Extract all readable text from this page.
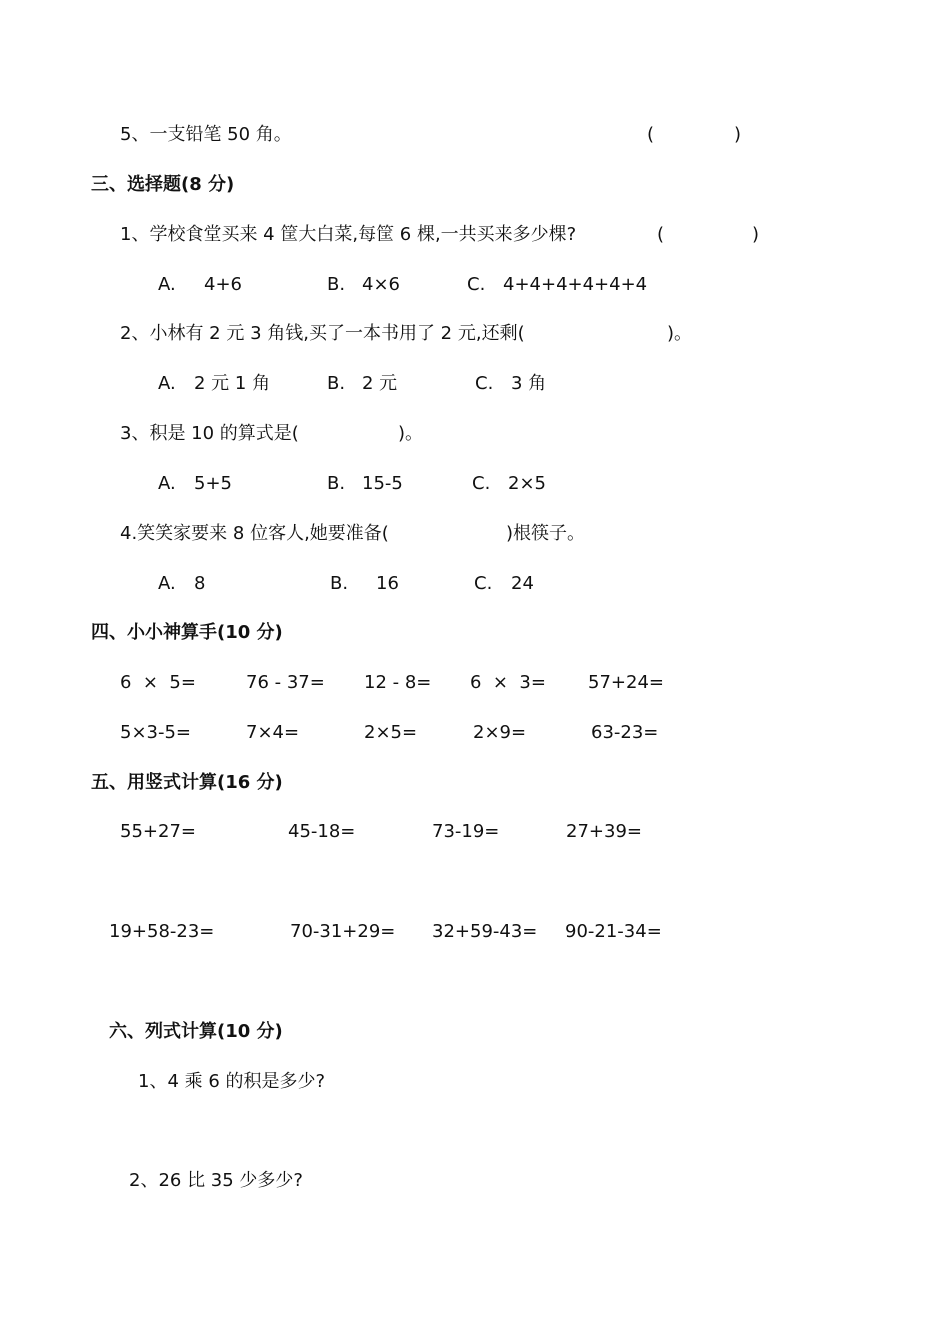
5、一支铅笔 50 角。	(	)
三、选择题(8 分)
1、学校食堂买来 4 筐大白菜,每筐 6 棵,一共买来多少棵?	(	)
A. 4+6	B. 4×6	C. 4+4+4+4+4+4
2、小林有 2 元 3 角钱,买了一本书用了 2 元,还剩(	)。
A. 2 元 1 角	B. 2 元	C. 3 角
3、积是 10 的算式是(	)。
A. 5+5	B. 15-5	C. 2×5
4.笑笑家要来 8 位客人,她要准备(	)根筷子。
A. 8	B. 16	C. 24
四、小小神算手(10 分)
6  ×  5=	76 - 37= 12 - 8= 6  ×  3= 57+24=
5×3-5=	7×4=	2×5=	2×9=	63-23=
五、用竖式计算(16 分)
55+27=	45-18=	73-19=	27+39=
19+58-23=	70-31+29= 32+59-43= 90-21-34=
六、列式计算(10 分)
1、4 乘 6 的积是多少?
2、26 比 35 少多少?
